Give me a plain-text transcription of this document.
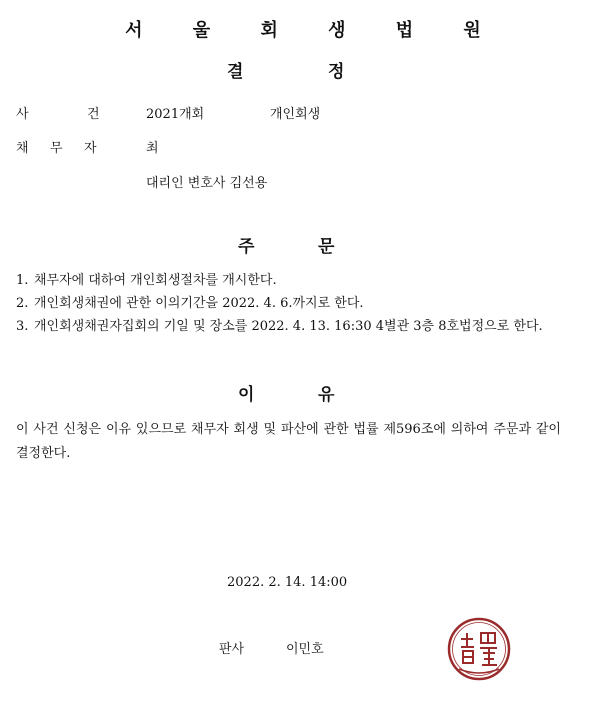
서 울 회 생 법 원
결	정
사	건	2021개회	개인회생
채 무 자	최
대리인 변호사 김선용
주	문
1. 채무자에 대하여 개인회생절차를 개시한다.
2. 개인회생채권에 관한 이의기간을 2022. 4. 6.까지로 한다.
3. 개인회생채권자집회의 기일 및 장소를 2022. 4. 13. 16:30 4별관 3층 8호법정으로 한다.
이	유
이 사건 신청은 이유 있으므로 채무자 회생 및 파산에 관한 법률 제596조에 의하여 주문과 같이 결정한다.
2022. 2. 14. 14:00
판사	이민호
